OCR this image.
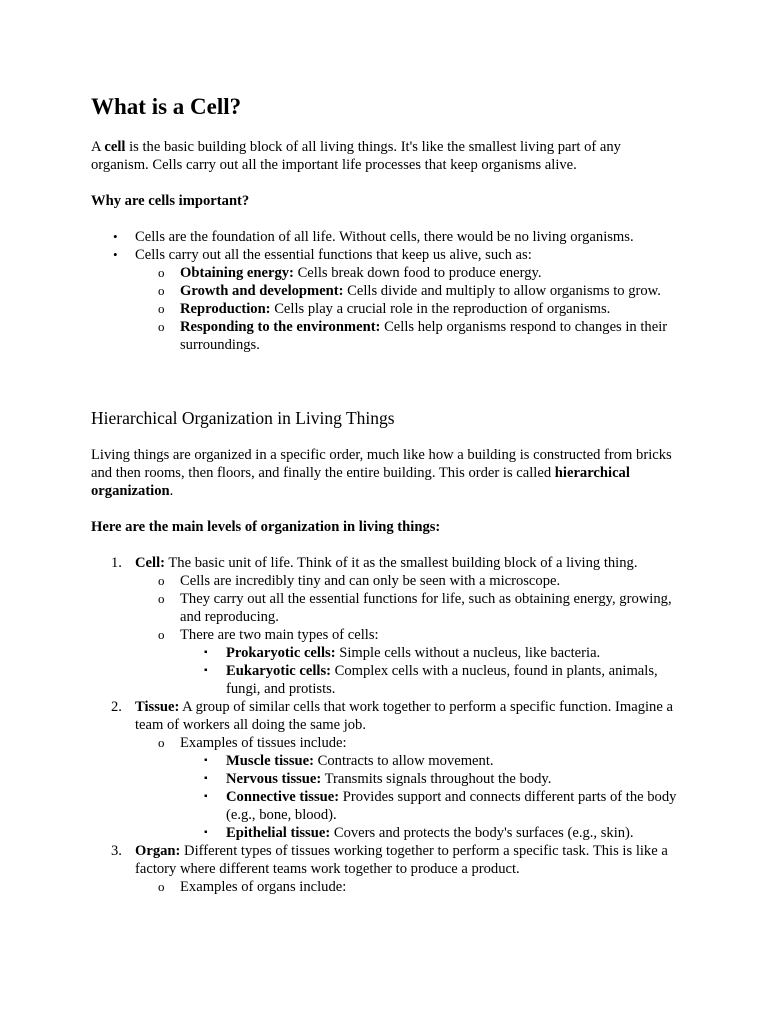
What is a Cell?

A cell is the basic building block of all living things. It's like the smallest living part of any organism. Cells carry out all the important life processes that keep organisms alive.

Why are cells important?

• Cells are the foundation of all life. Without cells, there would be no living organisms.
• Cells carry out all the essential functions that keep us alive, such as:
o Obtaining energy: Cells break down food to produce energy.
o Growth and development: Cells divide and multiply to allow organisms to grow.
o Reproduction: Cells play a crucial role in the reproduction of organisms.
o Responding to the environment: Cells help organisms respond to changes in their surroundings.
Hierarchical Organization in Living Things

Living things are organized in a specific order, much like how a building is constructed from bricks and then rooms, then floors, and finally the entire building. This order is called hierarchical organization.

Here are the main levels of organization in living things:

1. Cell: The basic unit of life. Think of it as the smallest building block of a living thing.
o Cells are incredibly tiny and can only be seen with a microscope.
o They carry out all the essential functions for life, such as obtaining energy, growing, and reproducing.
o There are two main types of cells:
▪ Prokaryotic cells: Simple cells without a nucleus, like bacteria.
▪ Eukaryotic cells: Complex cells with a nucleus, found in plants, animals, fungi, and protists.
2. Tissue: A group of similar cells that work together to perform a specific function. Imagine a team of workers all doing the same job.
o Examples of tissues include:
▪ Muscle tissue: Contracts to allow movement.
▪ Nervous tissue: Transmits signals throughout the body.
▪ Connective tissue: Provides support and connects different parts of the body (e.g., bone, blood).
▪ Epithelial tissue: Covers and protects the body's surfaces (e.g., skin).
3. Organ: Different types of tissues working together to perform a specific task. This is like a factory where different teams work together to produce a product.
o Examples of organs include:
